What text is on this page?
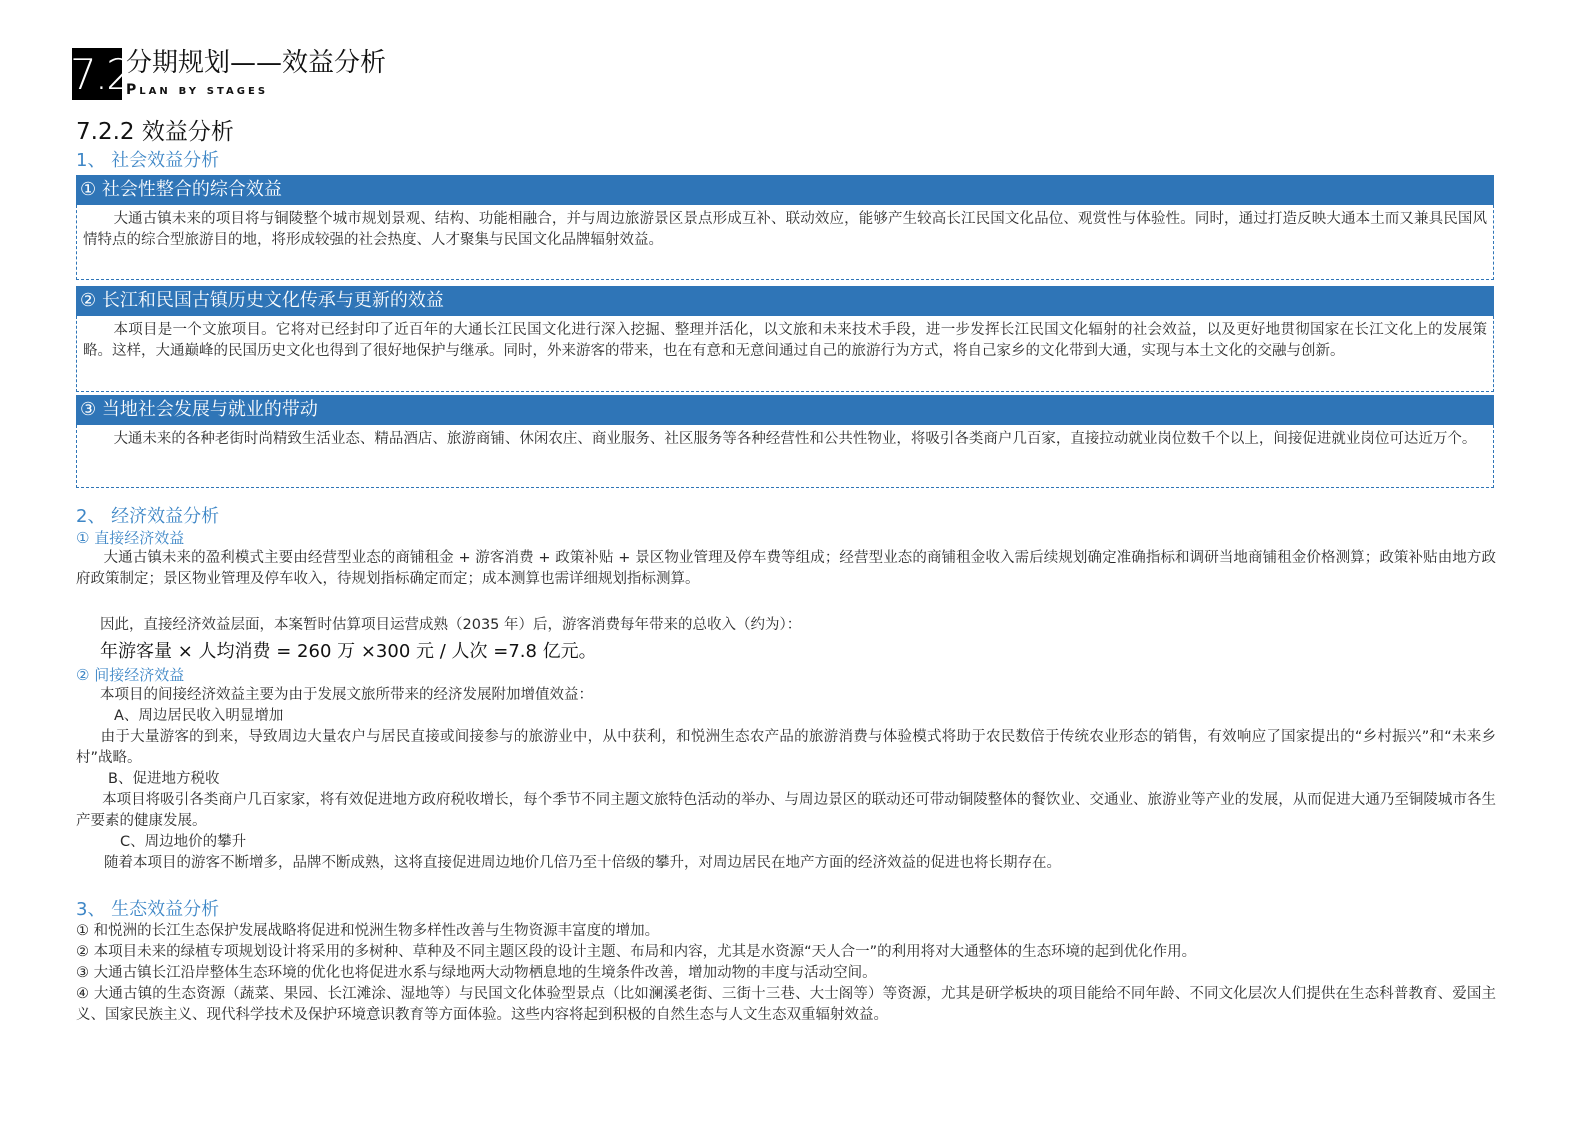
7.2
分期规划——效益分析
Plan by stages
7.2.2 效益分析
1、 社会效益分析
① 社会性整合的综合效益

大通古镇未来的项目将与铜陵整个城市规划景观、结构、功能相融合，并与周边旅游景区景点形成互补、联动效应，能够产生较高长江民国文化品位、观赏性与体验性。同时，通过打造反映大通本土而又兼具民国风情特点的综合型旅游目的地，将形成较强的社会热度、人才聚集与民国文化品牌辐射效益。

② 长江和民国古镇历史文化传承与更新的效益

本项目是一个文旅项目。它将对已经封印了近百年的大通长江民国文化进行深入挖掘、整理并活化，以文旅和未来技术手段，进一步发挥长江民国文化辐射的社会效益，以及更好地贯彻国家在长江文化上的发展策略。这样，大通巅峰的民国历史文化也得到了很好地保护与继承。同时，外来游客的带来，也在有意和无意间通过自己的旅游行为方式，将自己家乡的文化带到大通，实现与本土文化的交融与创新。

③ 当地社会发展与就业的带动

大通未来的各种老街时尚精致生活业态、精品酒店、旅游商铺、休闲农庄、商业服务、社区服务等各种经营性和公共性物业，将吸引各类商户几百家，直接拉动就业岗位数千个以上，间接促进就业岗位可达近万个。

2、 经济效益分析
① 直接经济效益

大通古镇未来的盈利模式主要由经营型业态的商铺租金 + 游客消费 + 政策补贴 + 景区物业管理及停车费等组成；经营型业态的商铺租金收入需后续规划确定准确指标和调研当地商铺租金价格测算；政策补贴由地方政府政策制定；景区物业管理及停车收入，待规划指标确定而定；成本测算也需详细规划指标测算。

因此，直接经济效益层面，本案暂时估算项目运营成熟（2035 年）后，游客消费每年带来的总收入（约为）：
年游客量 × 人均消费 = 260 万 ×300 元 / 人次 =7.8 亿元。
② 间接经济效益
本项目的间接经济效益主要为由于发展文旅所带来的经济发展附加增值效益：
A、周边居民收入明显增加

由于大量游客的到来，导致周边大量农户与居民直接或间接参与的旅游业中，从中获利，和悦洲生态农产品的旅游消费与体验模式将助于农民数倍于传统农业形态的销售，有效响应了国家提出的“乡村振兴”和“未来乡村”战略。

B、促进地方税收

本项目将吸引各类商户几百家家，将有效促进地方政府税收增长，每个季节不同主题文旅特色活动的举办、与周边景区的联动还可带动铜陵整体的餐饮业、交通业、旅游业等产业的发展，从而促进大通乃至铜陵城市各生产要素的健康发展。

C、周边地价的攀升
随着本项目的游客不断增多，品牌不断成熟，这将直接促进周边地价几倍乃至十倍级的攀升，对周边居民在地产方面的经济效益的促进也将长期存在。
3、 生态效益分析
① 和悦洲的长江生态保护发展战略将促进和悦洲生物多样性改善与生物资源丰富度的增加。
② 本项目未来的绿植专项规划设计将采用的多树种、草种及不同主题区段的设计主题、布局和内容，尤其是水资源“天人合一”的利用将对大通整体的生态环境的起到优化作用。
③ 大通古镇长江沿岸整体生态环境的优化也将促进水系与绿地两大动物栖息地的生境条件改善，增加动物的丰度与活动空间。

④ 大通古镇的生态资源（蔬菜、果园、长江滩涂、湿地等）与民国文化体验型景点（比如澜溪老街、三街十三巷、大士阁等）等资源，尤其是研学板块的项目能给不同年龄、不同文化层次人们提供在生态科普教育、爱国主义、国家民族主义、现代科学技术及保护环境意识教育等方面体验。这些内容将起到积极的自然生态与人文生态双重辐射效益。
